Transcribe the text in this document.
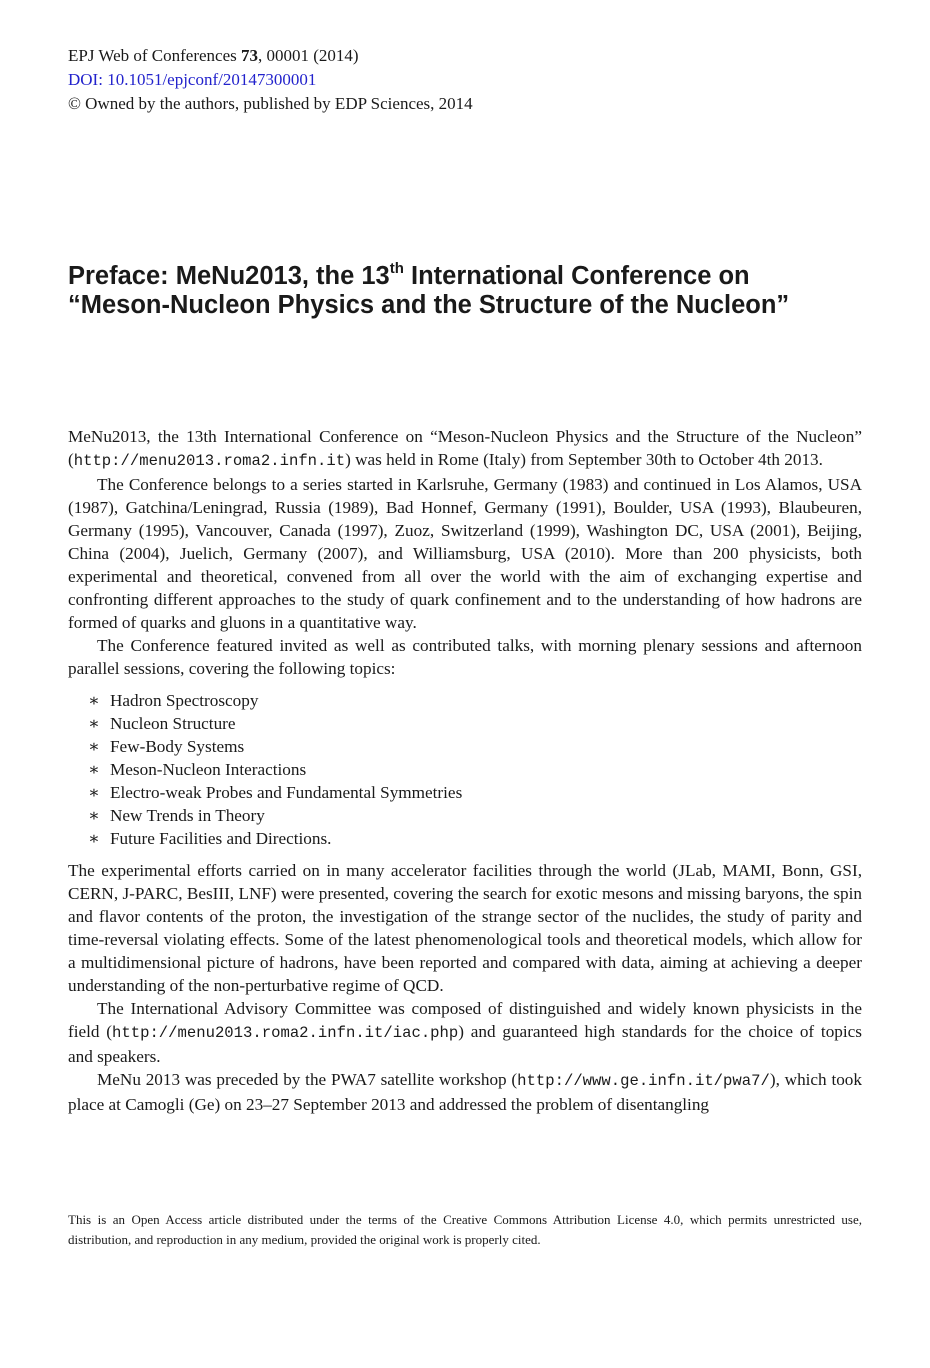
EPJ Web of Conferences 73, 00001 (2014)
DOI: 10.1051/epjconf/20147300001
© Owned by the authors, published by EDP Sciences, 2014
Preface: MeNu2013, the 13th International Conference on
“Meson-Nucleon Physics and the Structure of the Nucleon”

MeNu2013, the 13th International Conference on “Meson-Nucleon Physics and the Structure of the Nucleon” (http://menu2013.roma2.infn.it) was held in Rome (Italy) from September 30th to October 4th 2013.

The Conference belongs to a series started in Karlsruhe, Germany (1983) and continued in Los Alamos, USA (1987), Gatchina/Leningrad, Russia (1989), Bad Honnef, Germany (1991), Boulder, USA (1993), Blaubeuren, Germany (1995), Vancouver, Canada (1997), Zuoz, Switzerland (1999), Washington DC, USA (2001), Beijing, China (2004), Juelich, Germany (2007), and Williamsburg, USA (2010). More than 200 physicists, both experimental and theoretical, convened from all over the world with the aim of exchanging expertise and confronting different approaches to the study of quark confinement and to the understanding of how hadrons are formed of quarks and gluons in a quantitative way.

The Conference featured invited as well as contributed talks, with morning plenary sessions and afternoon parallel sessions, covering the following topics:

∗ Hadron Spectroscopy
∗ Nucleon Structure
∗ Few-Body Systems
∗ Meson-Nucleon Interactions
∗ Electro-weak Probes and Fundamental Symmetries
∗ New Trends in Theory
∗ Future Facilities and Directions.

The experimental efforts carried on in many accelerator facilities through the world (JLab, MAMI, Bonn, GSI, CERN, J-PARC, BesIII, LNF) were presented, covering the search for exotic mesons and missing baryons, the spin and flavor contents of the proton, the investigation of the strange sector of the nuclides, the study of parity and time-reversal violating effects. Some of the latest phenomenological tools and theoretical models, which allow for a multidimensional picture of hadrons, have been reported and compared with data, aiming at achieving a deeper understanding of the non-perturbative regime of QCD.

The International Advisory Committee was composed of distinguished and widely known physicists in the field (http://menu2013.roma2.infn.it/iac.php) and guaranteed high standards for the choice of topics and speakers.

MeNu 2013 was preceded by the PWA7 satellite workshop (http://www.ge.infn.it/pwa7/), which took place at Camogli (Ge) on 23–27 September 2013 and addressed the problem of disentangling

This is an Open Access article distributed under the terms of the Creative Commons Attribution License 4.0, which permits unrestricted use, distribution, and reproduction in any medium, provided the original work is properly cited.
